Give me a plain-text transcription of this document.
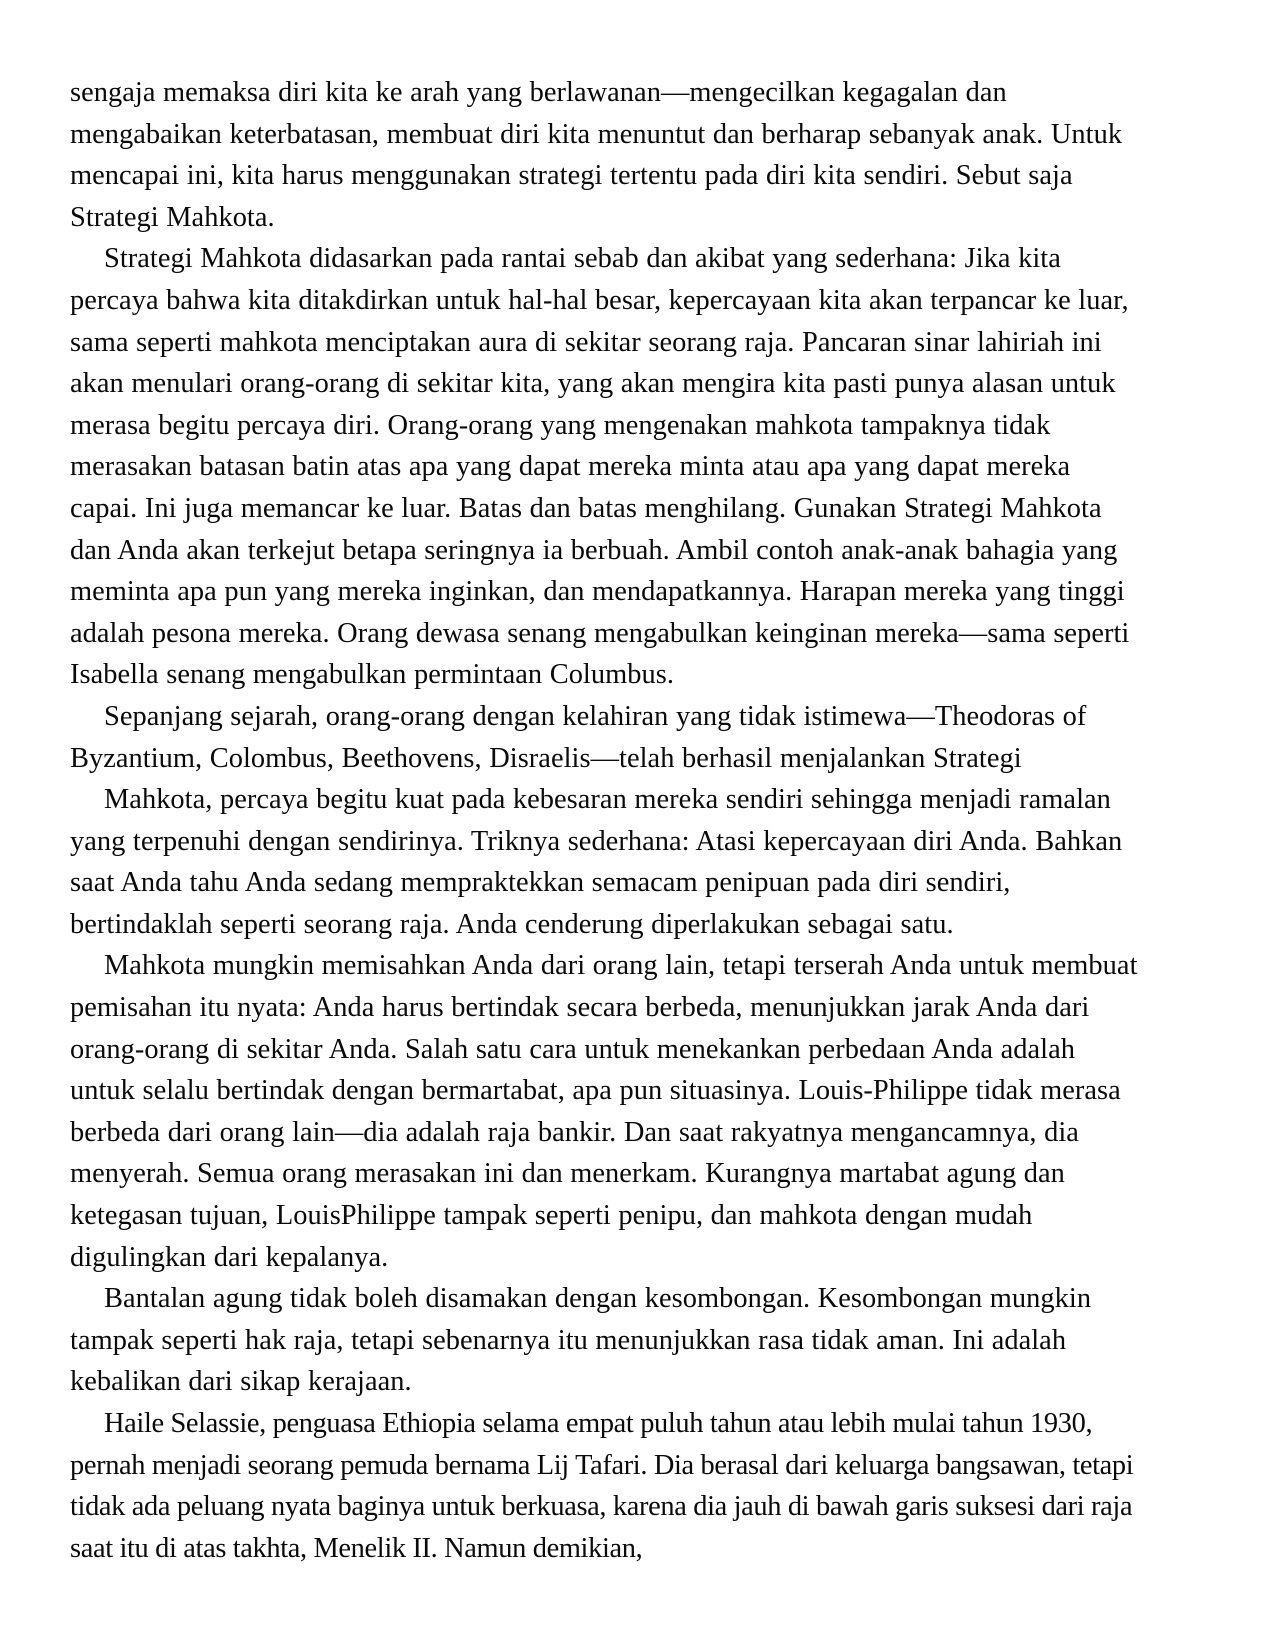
sengaja memaksa diri kita ke arah yang berlawanan—mengecilkan kegagalan dan mengabaikan keterbatasan, membuat diri kita menuntut dan berharap sebanyak anak. Untuk mencapai ini, kita harus menggunakan strategi tertentu pada diri kita sendiri. Sebut saja Strategi Mahkota.

Strategi Mahkota didasarkan pada rantai sebab dan akibat yang sederhana: Jika kita percaya bahwa kita ditakdirkan untuk hal-hal besar, kepercayaan kita akan terpancar ke luar, sama seperti mahkota menciptakan aura di sekitar seorang raja. Pancaran sinar lahiriah ini akan menulari orang-orang di sekitar kita, yang akan mengira kita pasti punya alasan untuk merasa begitu percaya diri. Orang-orang yang mengenakan mahkota tampaknya tidak merasakan batasan batin atas apa yang dapat mereka minta atau apa yang dapat mereka capai. Ini juga memancar ke luar. Batas dan batas menghilang. Gunakan Strategi Mahkota dan Anda akan terkejut betapa seringnya ia berbuah. Ambil contoh anak-anak bahagia yang meminta apa pun yang mereka inginkan, dan mendapatkannya. Harapan mereka yang tinggi adalah pesona mereka. Orang dewasa senang mengabulkan keinginan mereka—sama seperti Isabella senang mengabulkan permintaan Columbus.

Sepanjang sejarah, orang-orang dengan kelahiran yang tidak istimewa—Theodoras of Byzantium, Colombus, Beethovens, Disraelis—telah berhasil menjalankan Strategi
Mahkota, percaya begitu kuat pada kebesaran mereka sendiri sehingga menjadi ramalan yang terpenuhi dengan sendirinya. Triknya sederhana: Atasi kepercayaan diri Anda. Bahkan saat Anda tahu Anda sedang mempraktekkan semacam penipuan pada diri sendiri, bertindaklah seperti seorang raja. Anda cenderung diperlakukan sebagai satu.

Mahkota mungkin memisahkan Anda dari orang lain, tetapi terserah Anda untuk membuat pemisahan itu nyata: Anda harus bertindak secara berbeda, menunjukkan jarak Anda dari orang-orang di sekitar Anda. Salah satu cara untuk menekankan perbedaan Anda adalah untuk selalu bertindak dengan bermartabat, apa pun situasinya. Louis-Philippe tidak merasa berbeda dari orang lain—dia adalah raja bankir. Dan saat rakyatnya mengancamnya, dia menyerah. Semua orang merasakan ini dan menerkam. Kurangnya martabat agung dan ketegasan tujuan, LouisPhilippe tampak seperti penipu, dan mahkota dengan mudah digulingkan dari kepalanya.

Bantalan agung tidak boleh disamakan dengan kesombongan. Kesombongan mungkin tampak seperti hak raja, tetapi sebenarnya itu menunjukkan rasa tidak aman. Ini adalah kebalikan dari sikap kerajaan.

Haile Selassie, penguasa Ethiopia selama empat puluh tahun atau lebih mulai tahun 1930, pernah menjadi seorang pemuda bernama Lij Tafari. Dia berasal dari keluarga bangsawan, tetapi tidak ada peluang nyata baginya untuk berkuasa, karena dia jauh di bawah garis suksesi dari raja saat itu di atas takhta, Menelik II. Namun demikian,
